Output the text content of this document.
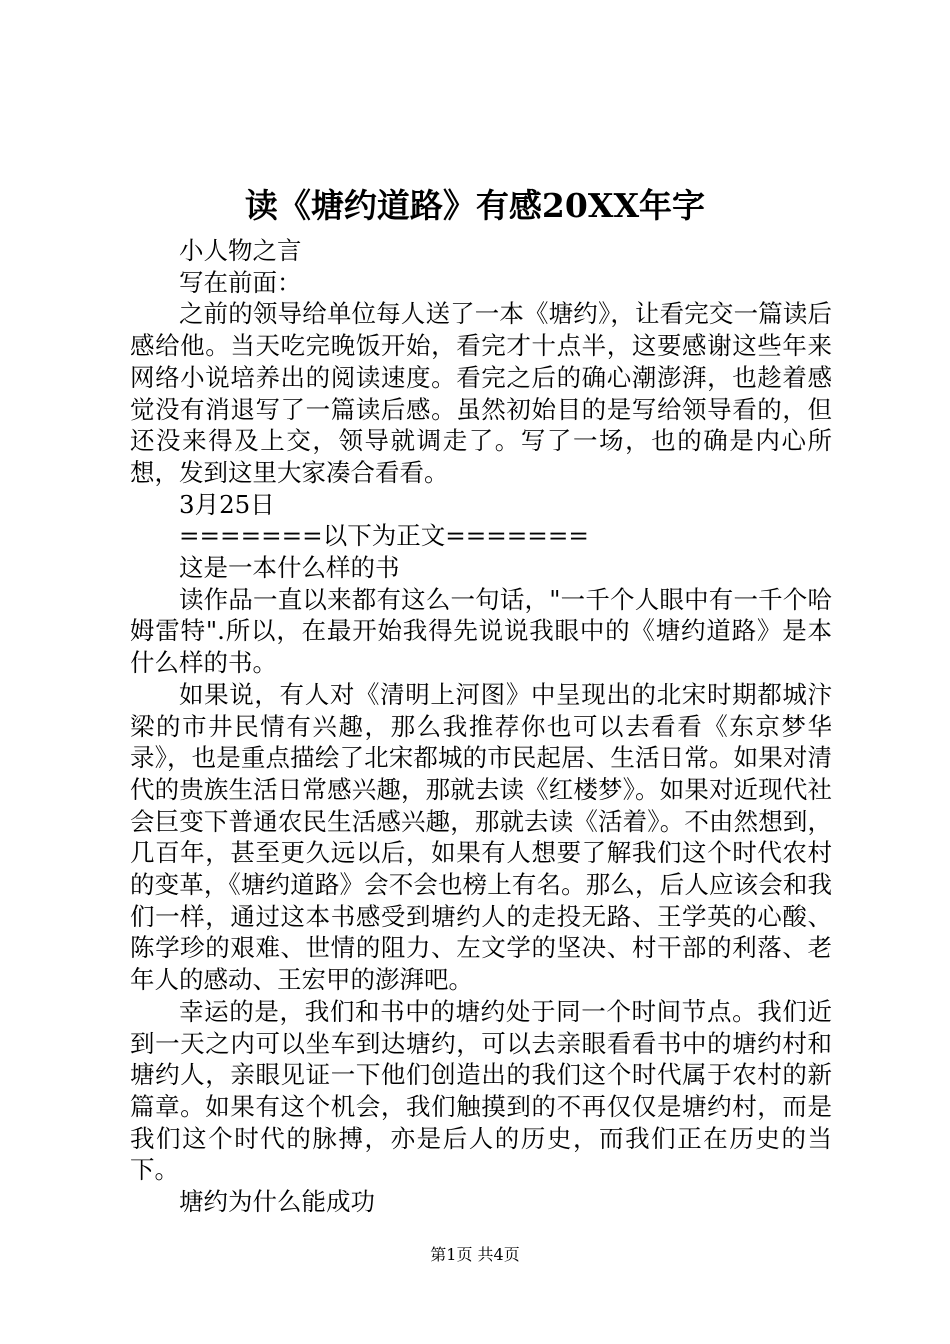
读《塘约道路》有感20XX年字

小人物之言

写在前面：

之前的领导给单位每人送了一本《塘约》，让看完交一篇读后感给他。当天吃完晚饭开始，看完才十点半，这要感谢这些年来网络小说培养出的阅读速度。看完之后的确心潮澎湃，也趁着感觉没有消退写了一篇读后感。虽然初始目的是写给领导看的，但还没来得及上交，领导就调走了。写了一场，也的确是内心所想，发到这里大家凑合看看。

3月25日

=======以下为正文=======

这是一本什么样的书

读作品一直以来都有这么一句话，"一千个人眼中有一千个哈姆雷特".所以，在最开始我得先说说我眼中的《塘约道路》是本什么样的书。

如果说，有人对《清明上河图》中呈现出的北宋时期都城汴梁的市井民情有兴趣，那么我推荐你也可以去看看《东京梦华录》，也是重点描绘了北宋都城的市民起居、生活日常。如果对清代的贵族生活日常感兴趣，那就去读《红楼梦》。如果对近现代社会巨变下普通农民生活感兴趣，那就去读《活着》。不由然想到，几百年，甚至更久远以后，如果有人想要了解我们这个时代农村的变革，《塘约道路》会不会也榜上有名。那么，后人应该会和我们一样，通过这本书感受到塘约人的走投无路、王学英的心酸、陈学珍的艰难、世情的阻力、左文学的坚决、村干部的利落、老年人的感动、王宏甲的澎湃吧。

幸运的是，我们和书中的塘约处于同一个时间节点。我们近到一天之内可以坐车到达塘约，可以去亲眼看看书中的塘约村和塘约人，亲眼见证一下他们创造出的我们这个时代属于农村的新篇章。如果有这个机会，我们触摸到的不再仅仅是塘约村，而是我们这个时代的脉搏，亦是后人的历史，而我们正在历史的当下。

塘约为什么能成功

第1页 共4页
